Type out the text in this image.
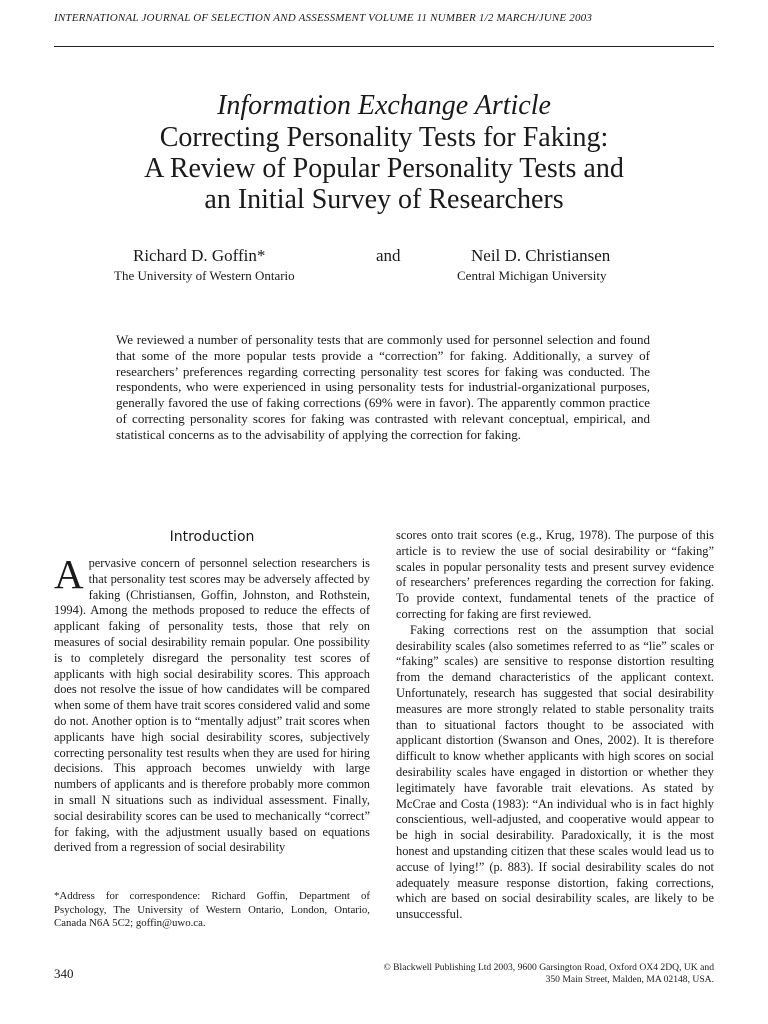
INTERNATIONAL JOURNAL OF SELECTION AND ASSESSMENT VOLUME 11 NUMBER 1/2 MARCH/JUNE 2003
Information Exchange Article
Correcting Personality Tests for Faking:
A Review of Popular Personality Tests and
an Initial Survey of Researchers
Richard D. Goffin*	and	Neil D. Christiansen
The University of Western Ontario	Central Michigan University

We reviewed a number of personality tests that are commonly used for personnel selection and found that some of the more popular tests provide a “correction” for faking. Additionally, a survey of researchers’ preferences regarding correcting personality test scores for faking was conducted. The respondents, who were experienced in using personality tests for industrial-organizational purposes, generally favored the use of faking corrections (69% were in favor). The apparently common practice of correcting personality scores for faking was contrasted with relevant conceptual, empirical, and statistical concerns as to the advisability of applying the correction for faking.

Introduction

Apervasive concern of personnel selection researchers is that personality test scores may be adversely affected by faking (Christiansen, Goffin, Johnston, and Rothstein, 1994). Among the methods proposed to reduce the effects of applicant faking of personality tests, those that rely on measures of social desirability remain popular. One possibility is to completely disregard the personality test scores of applicants with high social desirability scores. This approach does not resolve the issue of how candidates will be compared when some of them have trait scores considered valid and some do not. Another option is to “mentally adjust” trait scores when applicants have high social desirability scores, subjectively correcting personality test results when they are used for hiring decisions. This approach becomes unwieldy with large numbers of applicants and is therefore probably more common in small N situations such as individual assessment. Finally, social desirability scores can be used to mechanically “correct” for faking, with the adjustment usually based on equations derived from a regression of social desirability

scores onto trait scores (e.g., Krug, 1978). The purpose of this article is to review the use of social desirability or “faking” scales in popular personality tests and present survey evidence of researchers’ preferences regarding the correction for faking. To provide context, fundamental tenets of the practice of correcting for faking are first reviewed.

Faking corrections rest on the assumption that social desirability scales (also sometimes referred to as “lie” scales or “faking” scales) are sensitive to response distortion resulting from the demand characteristics of the applicant context. Unfortunately, research has suggested that social desirability measures are more strongly related to stable personality traits than to situational factors thought to be associated with applicant distortion (Swanson and Ones, 2002). It is therefore difficult to know whether applicants with high scores on social desirability scales have engaged in distortion or whether they legitimately have favorable trait elevations. As stated by McCrae and Costa (1983): “An individual who is in fact highly conscientious, well-adjusted, and cooperative would appear to be high in social desirability. Paradoxically, it is the most honest and upstanding citizen that these scales would lead us to accuse of lying!” (p. 883). If social desirability scales do not adequately measure response distortion, faking corrections, which are based on social desirability scales, are likely to be unsuccessful.

*Address for correspondence: Richard Goffin, Department of Psychology, The University of Western Ontario, London, Ontario, Canada N6A 5C2; goffin@uwo.ca.

340	© Blackwell Publishing Ltd 2003, 9600 Garsington Road, Oxford OX4 2DQ, UK and
350 Main Street, Malden, MA 02148, USA.
